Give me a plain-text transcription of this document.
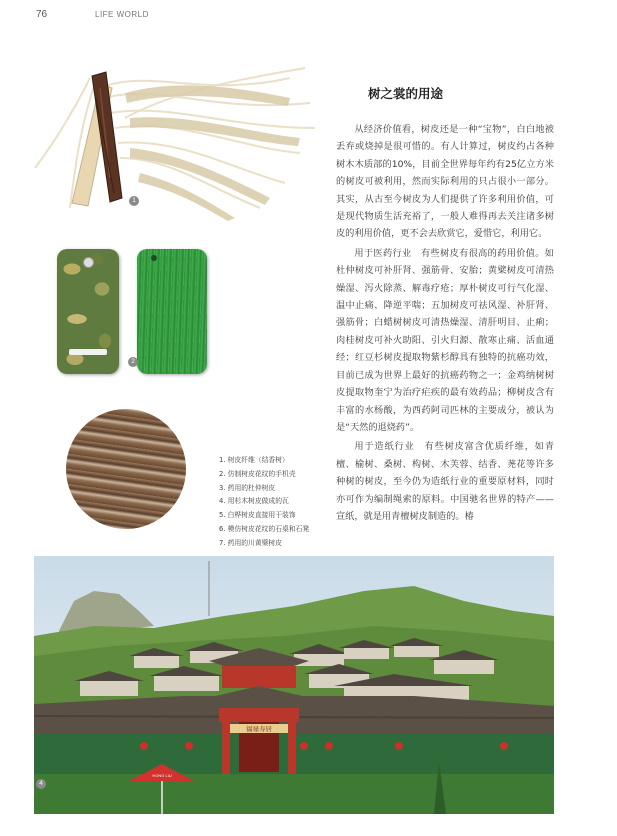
76	LIFE WORLD
1
2
1. 树皮纤维（结香树）
2. 仿制树皮花纹的手机壳
3. 药用的杜仲树皮
4. 用杉木树皮做成的瓦
5. 白桦树皮直接用于装饰
6. 模仿树皮花纹的石桌和石凳
7. 药用的川黄檗树皮
树之裳的用途

从经济价值看，树皮还是一种“宝物”，白白地被丢弃或烧掉是很可惜的。有人计算过，树皮约占各种树木木质部的10%，目前全世界每年约有25亿立方米的树皮可被利用，然而实际利用的只占很小一部分。其实，从古至今树皮为人们提供了许多利用价值，可是现代物质生活充裕了，一般人难得再去关注诸多树皮的利用价值，更不会去欣赏它，爱惜它，利用它。

用于医药行业　有些树皮有很高的药用价值。如杜仲树皮可补肝肾、强筋骨、安胎；黄檗树皮可清热燥湿、泻火除蒸、解毒疗疮；厚朴树皮可行气化湿、温中止痛、降逆平喘；五加树皮可祛风湿、补肝肾、强筋骨；白蜡树树皮可清热燥湿、清肝明目、止痢；肉桂树皮可补火助阳、引火归源、散寒止痛、活血通经；红豆杉树皮提取物紫杉醇具有独特的抗癌功效，目前已成为世界上最好的抗癌药物之一；金鸡纳树树皮提取物奎宁为治疗疟疾的最有效药品；柳树皮含有丰富的水杨酸，为西药阿司匹林的主要成分，被认为是“天然的退烧药”。

用于造纸行业　有些树皮富含优质纤维，如青檀、榆树、桑树、构树、木芙蓉、结香、荛花等许多种树的树皮，至今仍为造纸行业的重要原材料，同时亦可作为编制绳索的原料。中国驰名世界的特产——宣纸，就是用青檀树皮制造的。椿

福禄寿居
HONG LIU
4
